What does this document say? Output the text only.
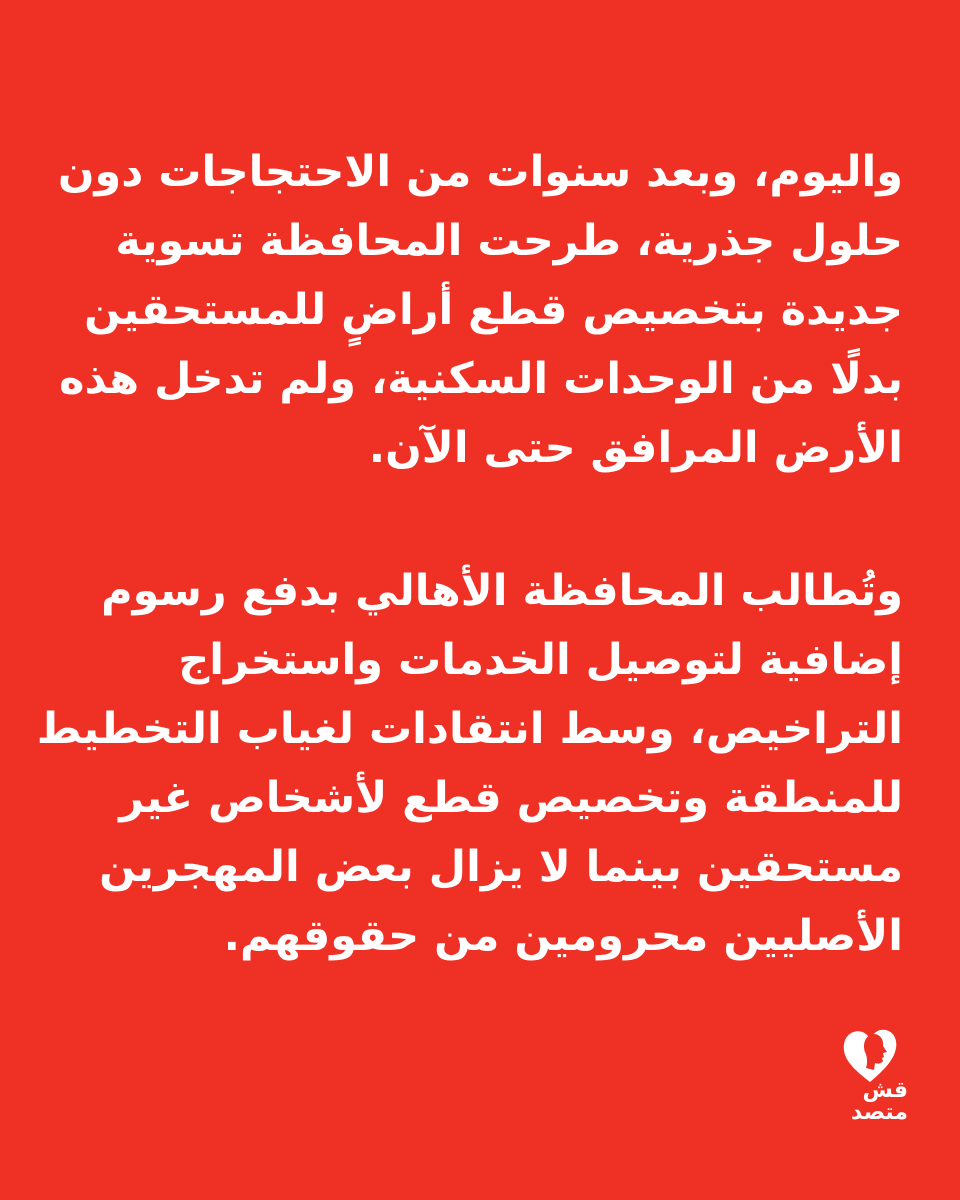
واليوم، وبعد سنوات من الاحتجاجات دون
حلول جذرية، طرحت المحافظة تسوية
جديدة بتخصيص قطع أراضٍ للمستحقين
بدلًا من الوحدات السكنية، ولم تدخل هذه
الأرض المرافق حتى الآن.
وتُطالب المحافظة الأهالي بدفع رسوم
إضافية لتوصيل الخدمات واستخراج
التراخيص، وسط انتقادات لغياب التخطيط
للمنطقة وتخصيص قطع لأشخاص غير
مستحقين بينما لا يزال بعض المهجرين
الأصليين محرومين من حقوقهم.
قش
متصد
